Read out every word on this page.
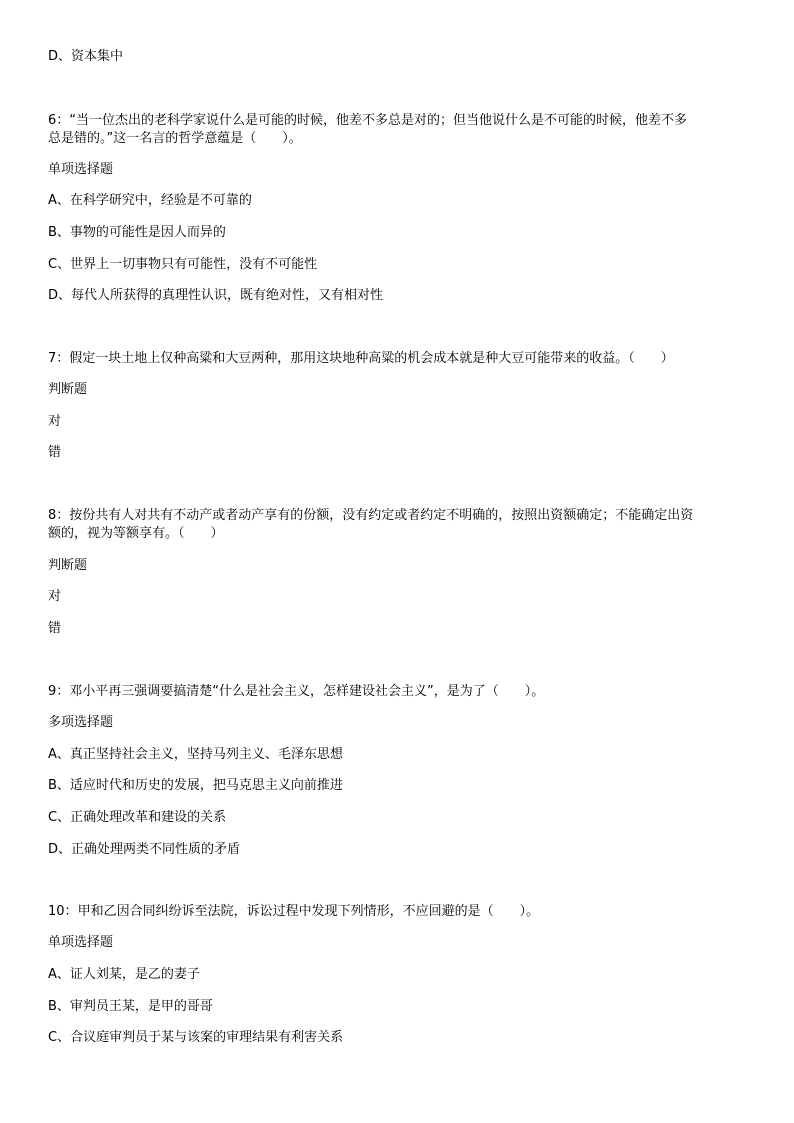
D、资本集中
6 ： “当一位杰出的老科学家说什么是可能的时候，他差不多总是对的；但当他说什么是不可能的时候，他差不多
总是错的。”这一名言的哲学意蕴是（　　）。
单项选择题
A、在科学研究中，经验是不可靠的
B、事物的可能性是因人而异的
C、世界上一切事物只有可能性，没有不可能性
D、每代人所获得的真理性认识，既有绝对性，又有相对性
7 ： 假定一块土地上仅种高粱和大豆两种，那用这块地种高粱的机会成本就是种大豆可能带来的收益。（　　）
判断题
对
错
8 ： 按份共有人对共有不动产或者动产享有的份额，没有约定或者约定不明确的，按照出资额确定；不能确定出资
额的，视为等额享有。（　　）
判断题
对
错
9 ： 邓小平再三强调要搞清楚“什么是社会主义，怎样建设社会主义”，是为了（　　）。
多项选择题
A、真正坚持社会主义，坚持马列主义、毛泽东思想
B、适应时代和历史的发展，把马克思主义向前推进
C、正确处理改革和建设的关系
D、正确处理两类不同性质的矛盾
10 ： 甲和乙因合同纠纷诉至法院，诉讼过程中发现下列情形，不应回避的是（　　）。
单项选择题
A、证人刘某，是乙的妻子
B、审判员王某，是甲的哥哥
C、合议庭审判员于某与该案的审理结果有利害关系
